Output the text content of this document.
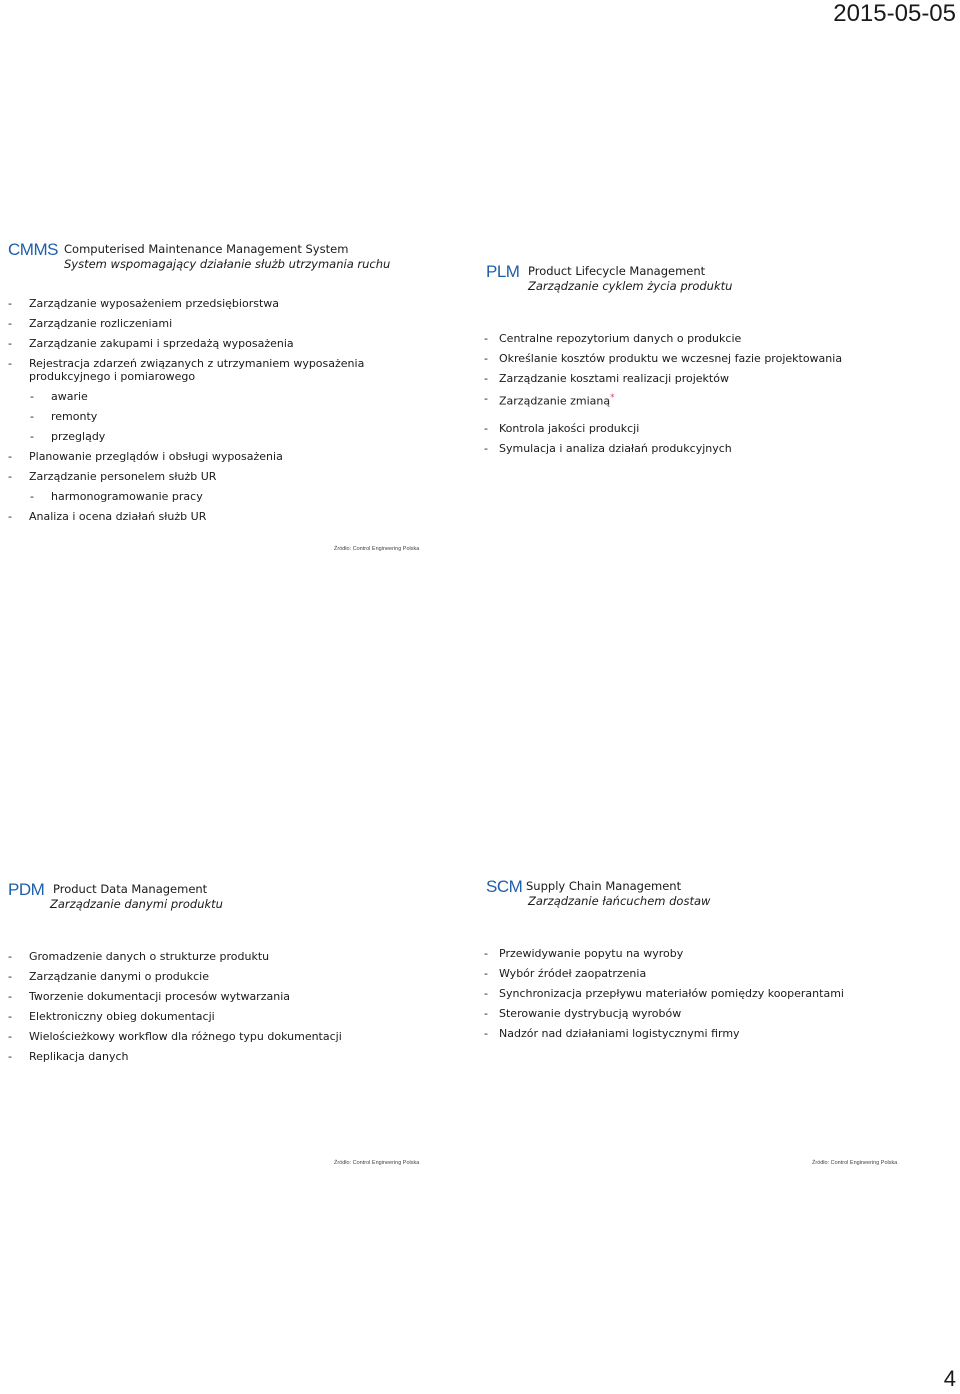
2015-05-05
CMMS Computerised Maintenance Management System
System wspomagający działanie służb utrzymania ruchu
- Zarządzanie wyposażeniem przedsiębiorstwa
- Zarządzanie rozliczeniami
- Zarządzanie zakupami i sprzedażą wyposażenia
- Rejestracja zdarzeń związanych z utrzymaniem wyposażenia
produkcyjnego i pomiarowego
- awarie
- remonty
- przeglądy
- Planowanie przeglądów i obsługi wyposażenia
- Zarządzanie personelem służb UR
- harmonogramowanie pracy
- Analiza i ocena działań służb UR
Źródło: Control Engineering Polska
PLM Product Lifecycle Management
Zarządzanie cyklem życia produktu
- Centralne repozytorium danych o produkcie
- Określanie kosztów produktu we wczesnej fazie projektowania
- Zarządzanie kosztami realizacji projektów
- Zarządzanie zmianą*
- Kontrola jakości produkcji
- Symulacja i analiza działań produkcyjnych
PDM Product Data Management
Zarządzanie danymi produktu
- Gromadzenie danych o strukturze produktu
- Zarządzanie danymi o produkcie
- Tworzenie dokumentacji procesów wytwarzania
- Elektroniczny obieg dokumentacji
- Wielościeżkowy workflow dla różnego typu dokumentacji
- Replikacja danych
Źródło: Control Engineering Polska
SCM Supply Chain Management
Zarządzanie łańcuchem dostaw
- Przewidywanie popytu na wyroby
- Wybór źródeł zaopatrzenia
- Synchronizacja przepływu materiałów pomiędzy kooperantami
- Sterowanie dystrybucją wyrobów
- Nadzór nad działaniami logistycznymi firmy
Źródło: Control Engineering Polska
4
